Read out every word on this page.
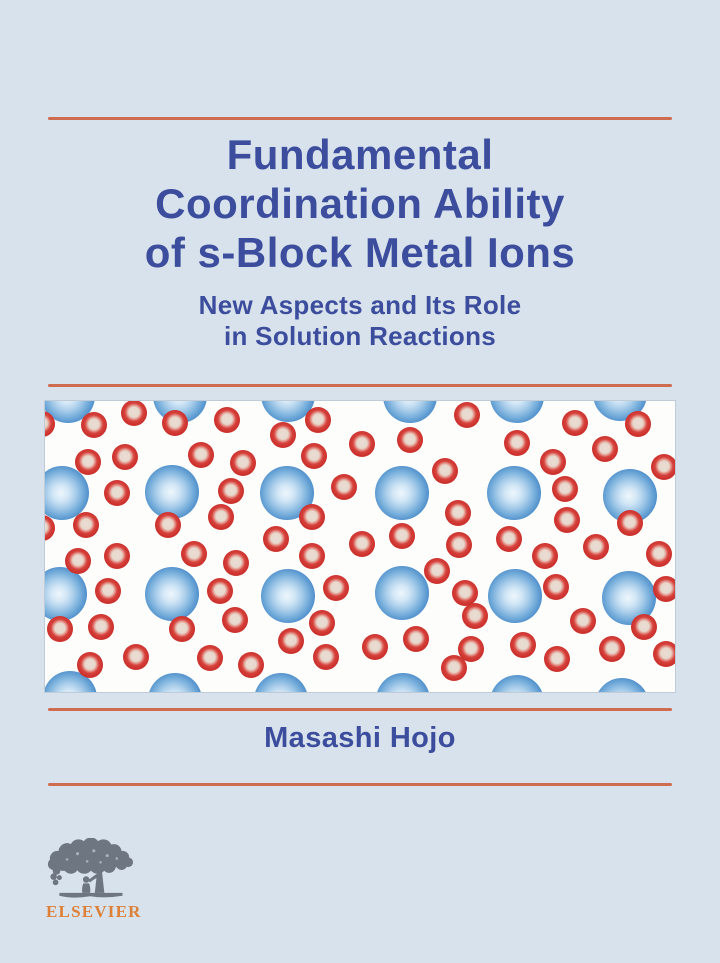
Fundamental
Coordination Ability
of s-Block Metal Ions
New Aspects and Its Role
in Solution Reactions
Masashi Hojo
ELSEVIER
